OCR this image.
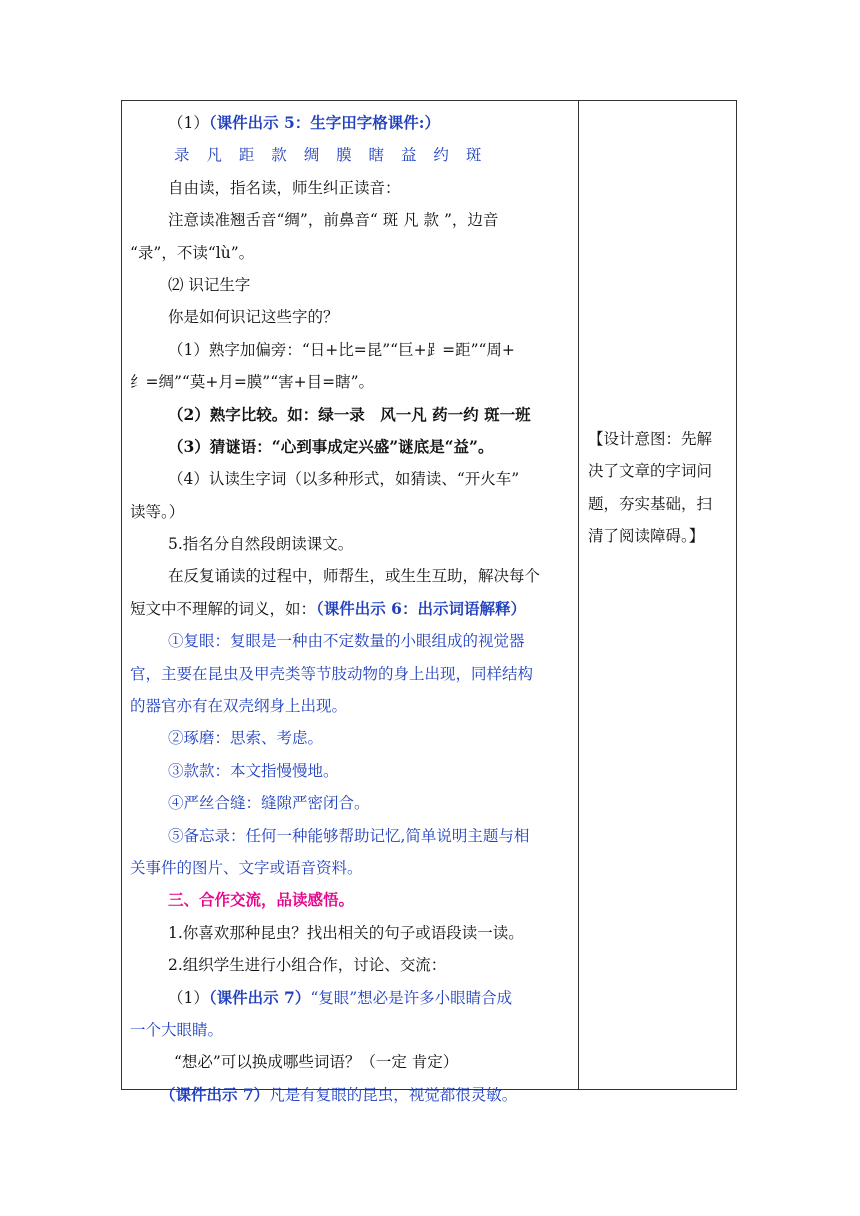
（1）（课件出示 5：生字田字格课件:）
录 凡 距 款 绸 膜 瞎 益 约 斑
自由读，指名读，师生纠正读音：
注意读准翘舌音“绸”，前鼻音“ 斑 凡 款 ”，边音
“录”，不读“lù”。
⑵ 识记生字
你是如何识记这些字的？
（1）熟字加偏旁：“日+比=昆”“巨+⻊=距”“周+
纟=绸”“莫+月=膜”“害+目=瞎”。
（2）熟字比较。如：绿一录　风一凡 药一约 斑一班
（3）猜谜语：“心到事成定兴盛”谜底是“益”。
（4）认读生字词（以多种形式，如猜读、“开火车”
读等。）
5.指名分自然段朗读课文。
在反复诵读的过程中，师帮生，或生生互助，解决每个
短文中不理解的词义，如：（课件出示 6：出示词语解释）
①复眼：复眼是一种由不定数量的小眼组成的视觉器
官，主要在昆虫及甲壳类等节肢动物的身上出现，同样结构
的器官亦有在双壳纲身上出现。
②琢磨：思索、考虑。
③款款：本文指慢慢地。
④严丝合缝：缝隙严密闭合。
⑤备忘录：任何一种能够帮助记忆,简单说明主题与相
关事件的图片、文字或语音资料。
三、合作交流，品读感悟。
1.你喜欢那种昆虫？找出相关的句子或语段读一读。
2.组织学生进行小组合作，讨论、交流：
（1）（课件出示 7）“复眼”想必是许多小眼睛合成
一个大眼睛。
“想必”可以换成哪些词语？（一定 肯定）
（课件出示 7）凡是有复眼的昆虫，视觉都很灵敏。
【设计意图：先解
决了文章的字词问
题，夯实基础，扫
清了阅读障碍。】
